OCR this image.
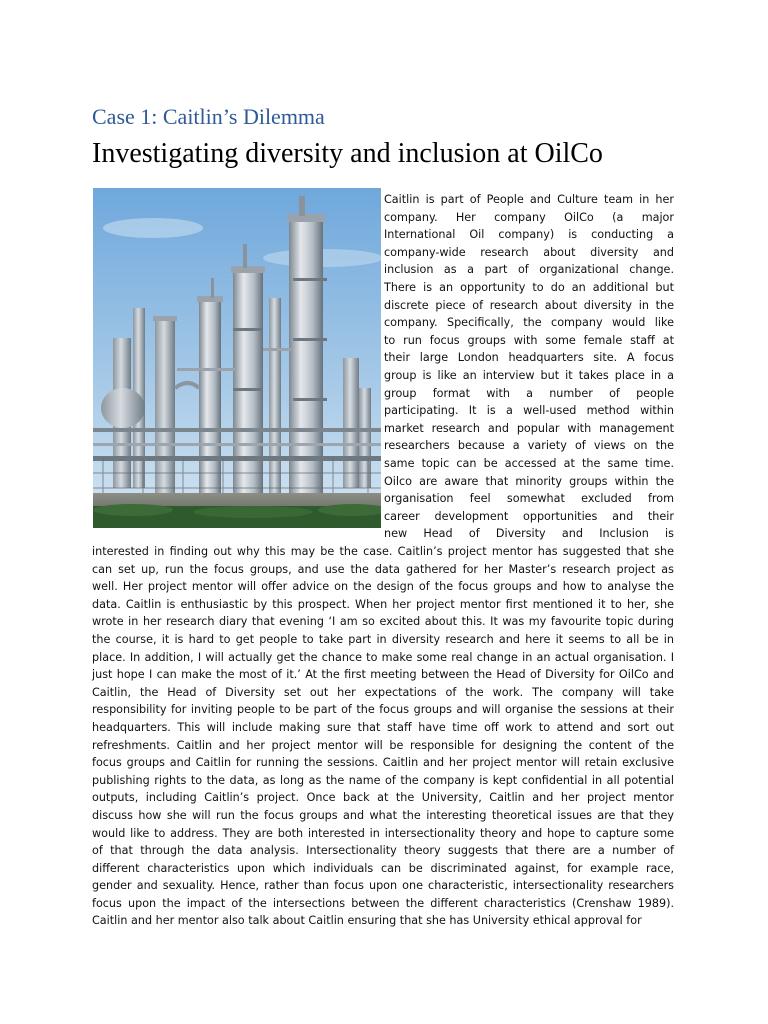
Case 1: Caitlin’s Dilemma
Investigating diversity and inclusion at OilCo
Caitlin is part of People and Culture team in her
company. Her company OilCo (a major
International Oil company) is conducting a
company-wide research about diversity and
inclusion as a part of organizational change.
There is an opportunity to do an additional but
discrete piece of research about diversity in the
company. Specifically, the company would like
to run focus groups with some female staff at
their large London headquarters site. A focus
group is like an interview but it takes place in a
group format with a number of people
participating. It is a well-used method within
market research and popular with management
researchers because a variety of views on the
same topic can be accessed at the same time.
Oilco are aware that minority groups within the
organisation feel somewhat excluded from
career development opportunities and their
new Head of Diversity and Inclusion is
interested in finding out why this may be the case. Caitlin’s project mentor has suggested that she
can set up, run the focus groups, and use the data gathered for her Master’s research project as
well. Her project mentor will offer advice on the design of the focus groups and how to analyse the
data. Caitlin is enthusiastic by this prospect. When her project mentor first mentioned it to her, she
wrote in her research diary that evening ‘I am so excited about this. It was my favourite topic during
the course, it is hard to get people to take part in diversity research and here it seems to all be in
place. In addition, I will actually get the chance to make some real change in an actual organisation. I
just hope I can make the most of it.’ At the first meeting between the Head of Diversity for OilCo and
Caitlin, the Head of Diversity set out her expectations of the work. The company will take
responsibility for inviting people to be part of the focus groups and will organise the sessions at their
headquarters. This will include making sure that staff have time off work to attend and sort out
refreshments. Caitlin and her project mentor will be responsible for designing the content of the
focus groups and Caitlin for running the sessions. Caitlin and her project mentor will retain exclusive
publishing rights to the data, as long as the name of the company is kept confidential in all potential
outputs, including Caitlin’s project. Once back at the University, Caitlin and her project mentor
discuss how she will run the focus groups and what the interesting theoretical issues are that they
would like to address. They are both interested in intersectionality theory and hope to capture some
of that through the data analysis. Intersectionality theory suggests that there are a number of
different characteristics upon which individuals can be discriminated against, for example race,
gender and sexuality. Hence, rather than focus upon one characteristic, intersectionality researchers
focus upon the impact of the intersections between the different characteristics (Crenshaw 1989).
Caitlin and her mentor also talk about Caitlin ensuring that she has University ethical approval for
